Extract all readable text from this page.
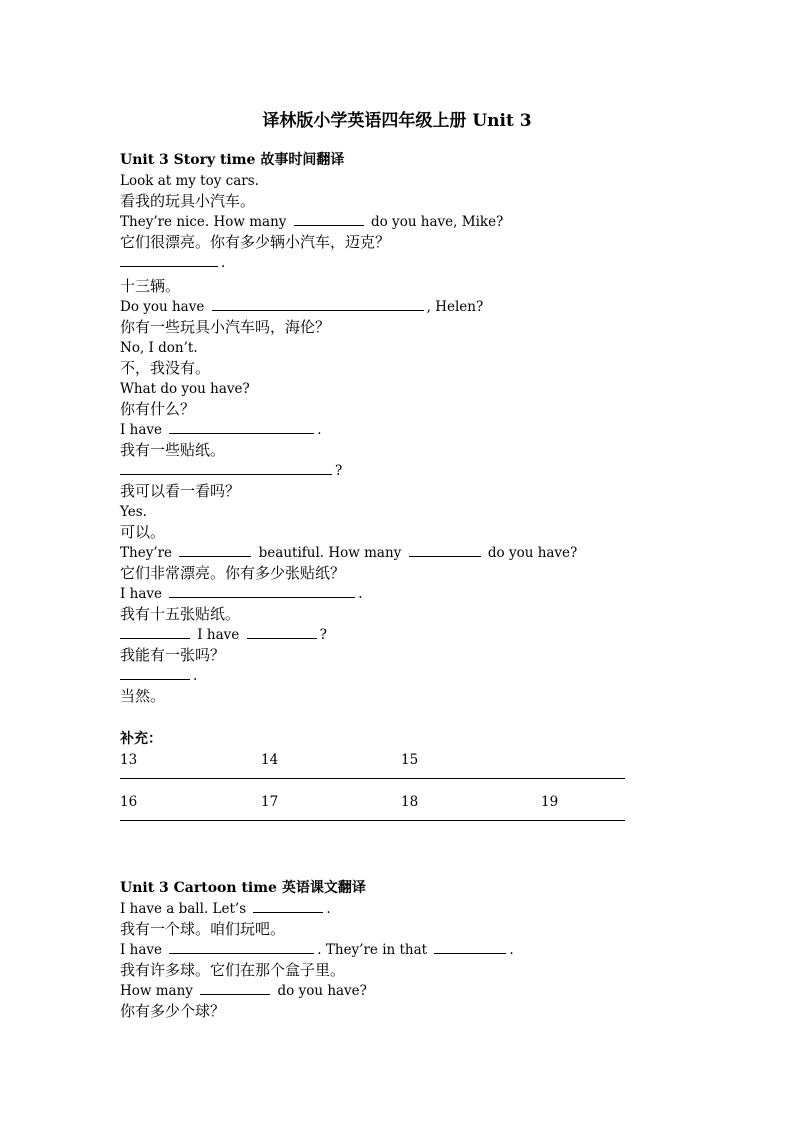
译林版小学英语四年级上册 Unit 3
Unit 3 Story time 故事时间翻译
Look at my toy cars.
看我的玩具小汽车。
They’re nice. How many	do you have, Mike?
它们很漂亮。你有多少辆小汽车，迈克？
.
十三辆。
Do you have	, Helen?
你有一些玩具小汽车吗，海伦？
No, I don’t.
不，我没有。
What do you have?
你有什么？
I have	.
我有一些贴纸。
?
我可以看一看吗？
Yes.
可以。
They’re	beautiful. How many	do you have?
它们非常漂亮。你有多少张贴纸？
I have	.
我有十五张贴纸。
I have	?
我能有一张吗？
.
当然。
补充：
13	14	15
16	17	18	19
Unit 3 Cartoon time 英语课文翻译
I have a ball. Let’s	.
我有一个球。咱们玩吧。
I have	. They’re in that	.
我有许多球。它们在那个盒子里。
How many	do you have?
你有多少个球？
